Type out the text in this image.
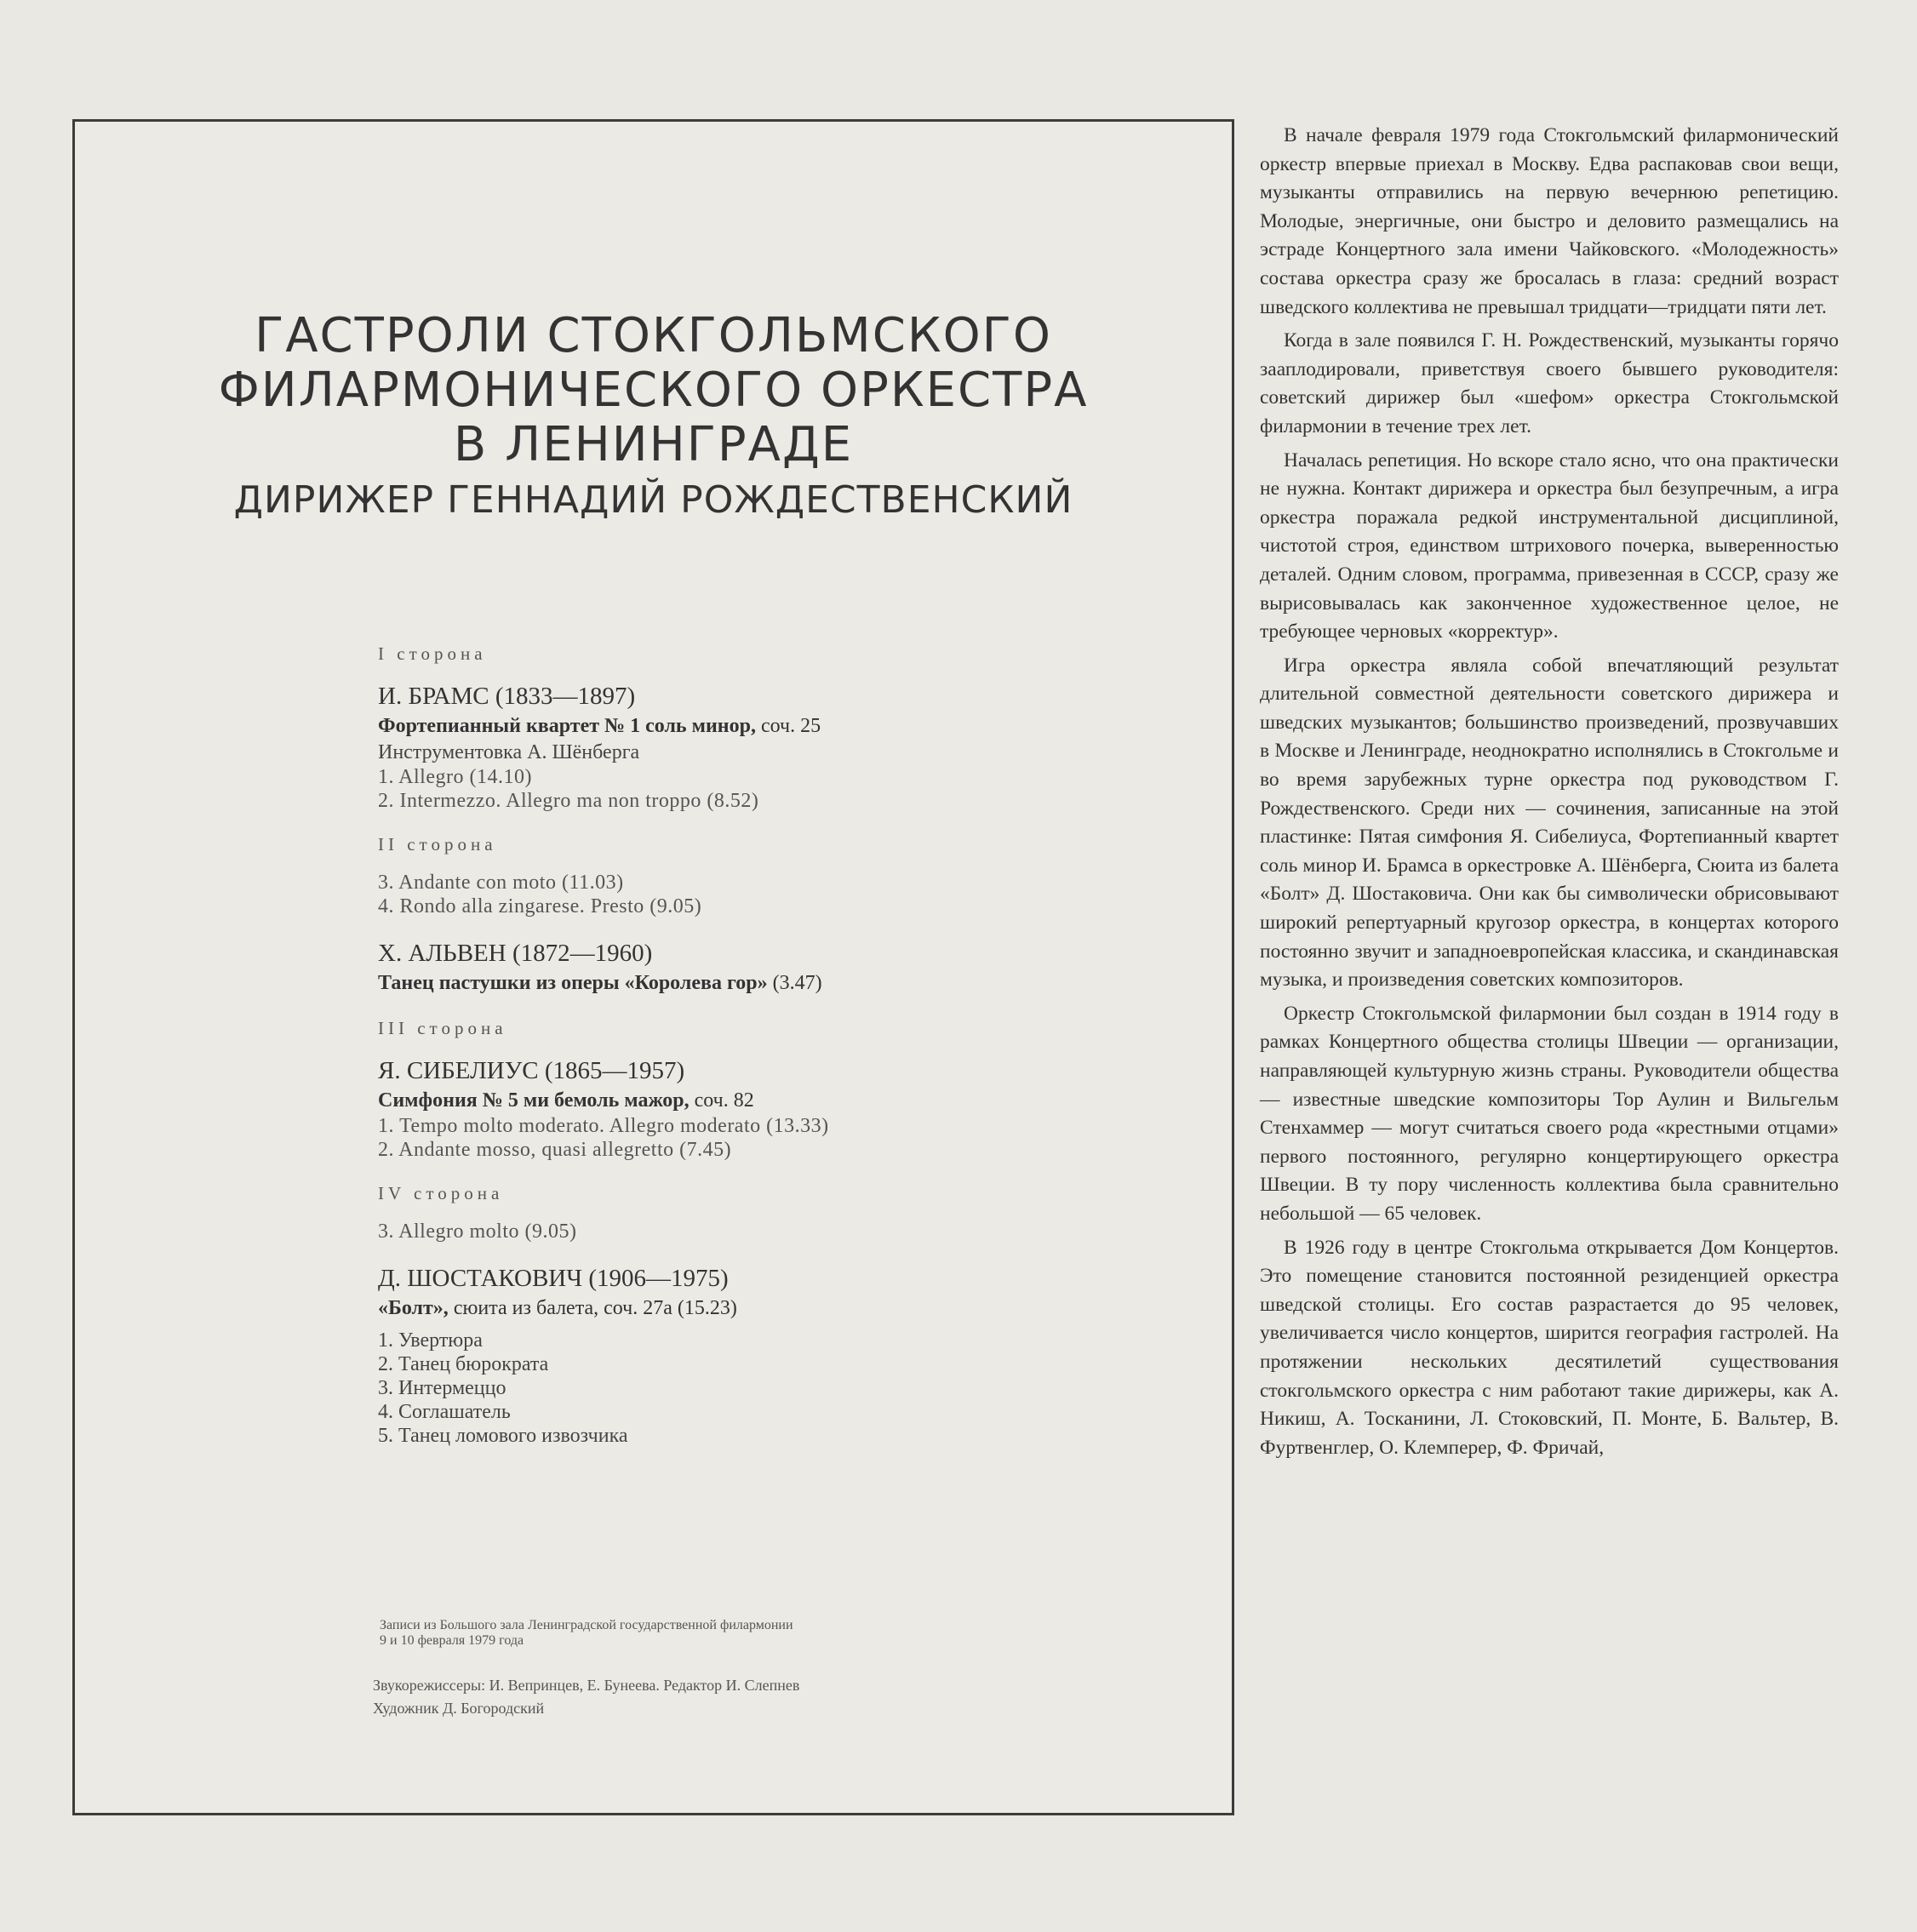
ГАСТРОЛИ СТОКГОЛЬМСКОГО

ФИЛАРМОНИЧЕСКОГО ОРКЕСТРА

В ЛЕНИНГРАДЕ

ДИРИЖЕР ГЕННАДИЙ РОЖДЕСТВЕНСКИЙ

I сторона

И. БРАМС (1833—1897)

Фортепианный квартет № 1 соль минор, соч. 25

Инструментовка А. Шёнберга

1. Allegro (14.10)

2. Intermezzo. Allegro ma non troppo (8.52)

II сторона

3. Andante con moto (11.03)

4. Rondo alla zingarese. Presto (9.05)

Х. АЛЬВЕН (1872—1960)

Танец пастушки из оперы «Королева гор» (3.47)

III сторона

Я. СИБЕЛИУС (1865—1957)

Симфония № 5 ми бемоль мажор, соч. 82

1. Tempo molto moderato. Allegro moderato (13.33)

2. Andante mosso, quasi allegretto (7.45)

IV сторона

3. Allegro molto (9.05)

Д. ШОСТАКОВИЧ (1906—1975)

«Болт», сюита из балета, соч. 27а (15.23)

1. Увертюра

2. Танец бюрократа

3. Интермеццо

4. Соглашатель

5. Танец ломового извозчика

Записи из Большого зала Ленинградской государственной филармонии

9 и 10 февраля 1979 года

Звукорежиссеры: И. Вепринцев, Е. Бунеева. Редактор И. Слепнев

Художник Д. Богородский

В начале февраля 1979 года Стокгольмский филармонический оркестр впервые приехал в Москву. Едва распаковав свои вещи, музыканты отправились на первую вечернюю репетицию. Молодые, энергичные, они быстро и деловито размещались на эстраде Концертного зала имени Чайковского. «Молодежность» состава оркестра сразу же бросалась в глаза: средний возраст шведского коллектива не превышал тридцати—тридцати пяти лет.

Когда в зале появился Г. Н. Рождественский, музыканты горячо зааплодировали, приветствуя своего бывшего руководителя: советский дирижер был «шефом» оркестра Стокгольмской филармонии в течение трех лет.

Началась репетиция. Но вскоре стало ясно, что она практически не нужна. Контакт дирижера и оркестра был безупречным, а игра оркестра поражала редкой инструментальной дисциплиной, чистотой строя, единством штрихового почерка, выверенностью деталей. Одним словом, программа, привезенная в СССР, сразу же вырисовывалась как законченное художественное целое, не требующее черновых «корректур».

Игра оркестра являла собой впечатляющий результат длительной совместной деятельности советского дирижера и шведских музыкантов; большинство произведений, прозвучавших в Москве и Ленинграде, неоднократно исполнялись в Стокгольме и во время зарубежных турне оркестра под руководством Г. Рождественского. Среди них — сочинения, записанные на этой пластинке: Пятая симфония Я. Сибелиуса, Фортепианный квартет соль минор И. Брамса в оркестровке А. Шёнберга, Сюита из балета «Болт» Д. Шостаковича. Они как бы символически обрисовывают широкий репертуарный кругозор оркестра, в концертах которого постоянно звучит и западноевропейская классика, и скандинавская музыка, и произведения советских композиторов.

Оркестр Стокгольмской филармонии был создан в 1914 году в рамках Концертного общества столицы Швеции — организации, направляющей культурную жизнь страны. Руководители общества — известные шведские композиторы Тор Аулин и Вильгельм Стенхаммер — могут считаться своего рода «крестными отцами» первого постоянного, регулярно концертирующего оркестра Швеции. В ту пору численность коллектива была сравнительно небольшой — 65 человек.

В 1926 году в центре Стокгольма открывается Дом Концертов. Это помещение становится постоянной резиденцией оркестра шведской столицы. Его состав разрастается до 95 человек, увеличивается число концертов, ширится география гастролей. На протяжении нескольких десятилетий существования стокгольмского оркестра с ним работают такие дирижеры, как А. Никиш, А. Тосканини, Л. Стоковский, П. Монте, Б. Вальтер, В. Фуртвенглер, О. Клемперер, Ф. Фричай,
